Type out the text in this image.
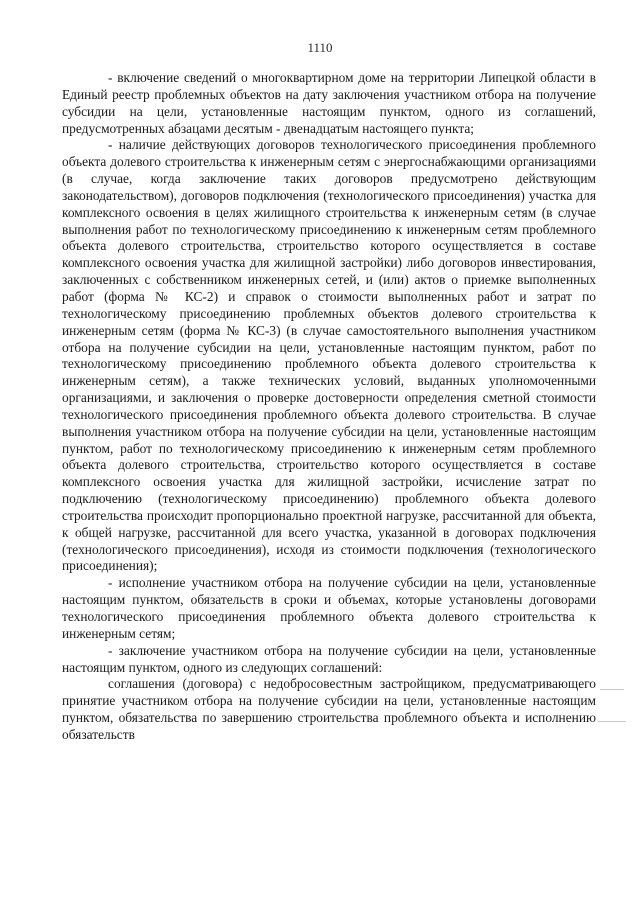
1110

- включение сведений о многоквартирном доме на территории Липецкой области в Единый реестр проблемных объектов на дату заключения участником отбора на получение субсидии на цели, установленные настоящим пунктом, одного из соглашений, предусмотренных абзацами десятым - двенадцатым настоящего пункта;

- наличие действующих договоров технологического присоединения проблемного объекта долевого строительства к инженерным сетям с энергоснабжающими организациями (в случае, когда заключение таких договоров предусмотрено действующим законодательством), договоров подключения (технологического присоединения) участка для комплексного освоения в целях жилищного строительства к инженерным сетям (в случае выполнения работ по технологическому присоединению к инженерным сетям проблемного объекта долевого строительства, строительство которого осуществляется в составе комплексного освоения участка для жилищной застройки) либо договоров инвестирования, заключенных с собственником инженерных сетей, и (или) актов о приемке выполненных работ (форма № КС-2) и справок о стоимости выполненных работ и затрат по технологическому присоединению проблемных объектов долевого строительства к инженерным сетям (форма № КС-3) (в случае самостоятельного выполнения участником отбора на получение субсидии на цели, установленные настоящим пунктом, работ по технологическому присоединению проблемного объекта долевого строительства к инженерным сетям), а также технических условий, выданных уполномоченными организациями, и заключения о проверке достоверности определения сметной стоимости технологического присоединения проблемного объекта долевого строительства. В случае выполнения участником отбора на получение субсидии на цели, установленные настоящим пунктом, работ по технологическому присоединению к инженерным сетям проблемного объекта долевого строительства, строительство которого осуществляется в составе комплексного освоения участка для жилищной застройки, исчисление затрат по подключению (технологическому присоединению) проблемного объекта долевого строительства происходит пропорционально проектной нагрузке, рассчитанной для объекта, к общей нагрузке, рассчитанной для всего участка, указанной в договорах подключения (технологического присоединения), исходя из стоимости подключения (технологического присоединения);

- исполнение участником отбора на получение субсидии на цели, установленные настоящим пунктом, обязательств в сроки и объемах, которые установлены договорами технологического присоединения проблемного объекта долевого строительства к инженерным сетям;

- заключение участником отбора на получение субсидии на цели, установленные настоящим пунктом, одного из следующих соглашений:

соглашения (договора) с недобросовестным застройщиком, предусматривающего принятие участником отбора на получение субсидии на цели, установленные настоящим пунктом, обязательства по завершению строительства проблемного объекта и исполнению обязательств
